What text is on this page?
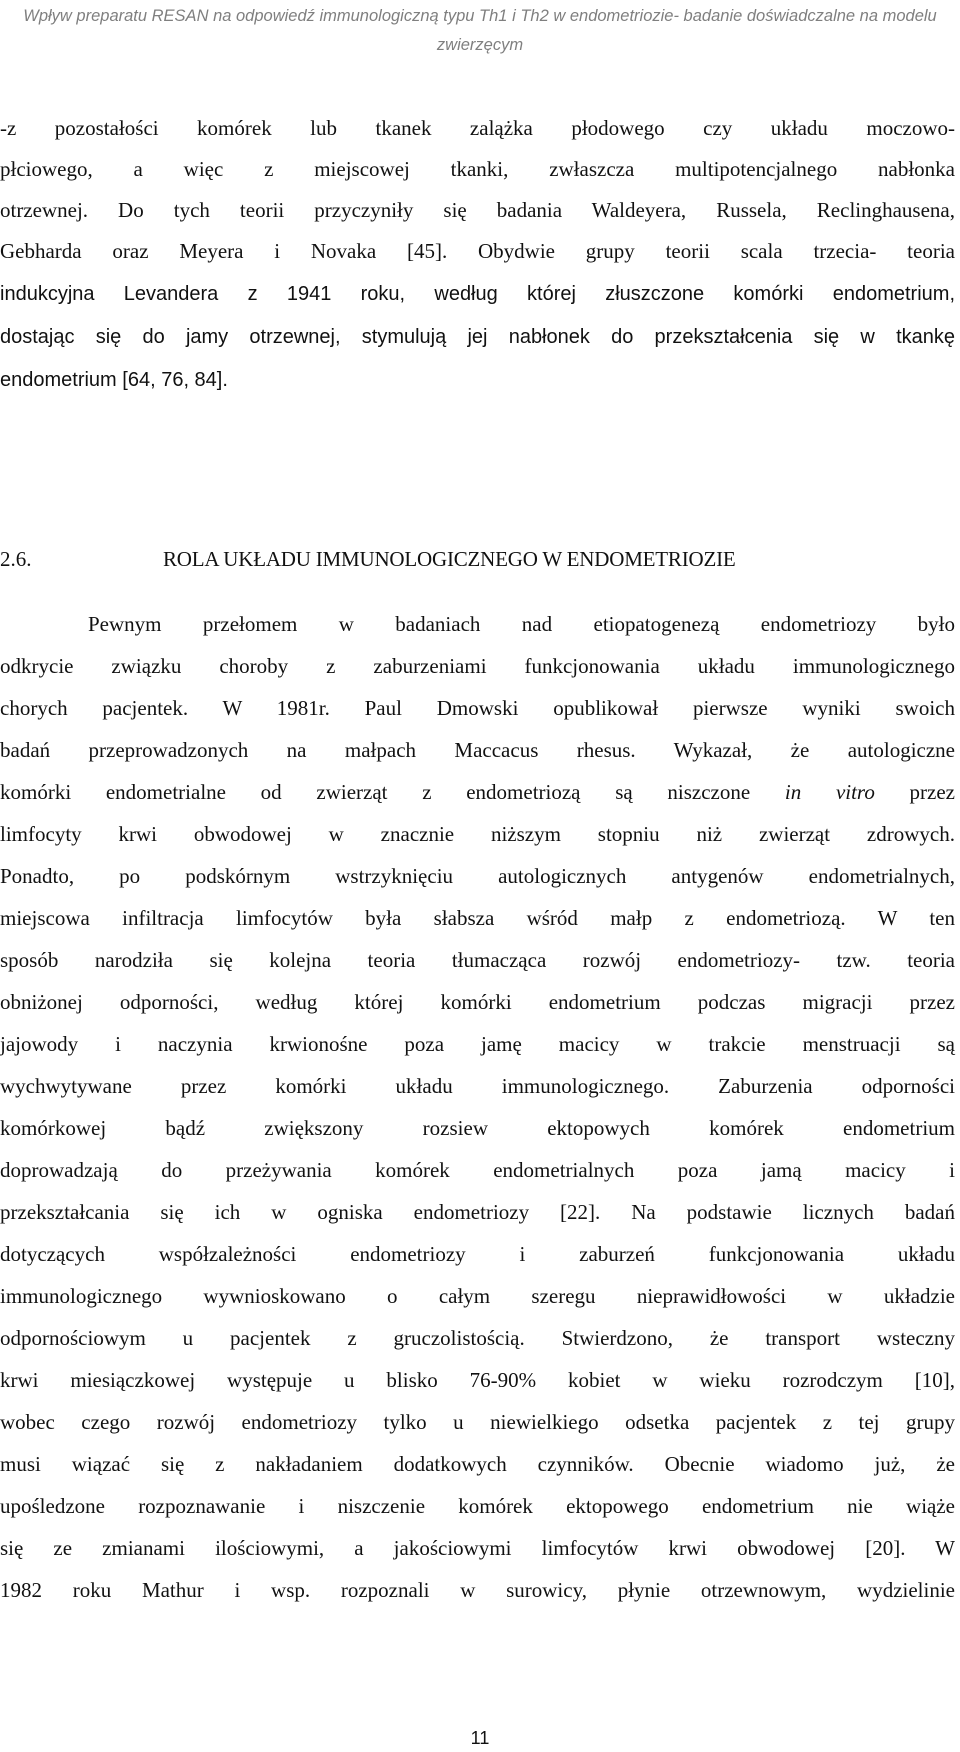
Wpływ preparatu RESAN na odpowiedź immunologiczną typu Th1 i Th2 w endometriozie- badanie doświadczalne na modelu
zwierzęcym
-z pozostałości komórek lub tkanek zalążka płodowego czy układu moczowo-
płciowego, a więc z miejscowej tkanki, zwłaszcza multipotencjalnego nabłonka
otrzewnej. Do tych teorii przyczyniły się badania Waldeyera, Russela, Reclinghausena,
Gebharda oraz Meyera i Novaka [45]. Obydwie grupy teorii scala trzecia- teoria
indukcyjna Levandera z 1941 roku, według której złuszczone komórki endometrium,
dostając się do jamy otrzewnej, stymulują jej nabłonek do przekształcenia się w tkankę
endometrium [64, 76, 84].
2.6.	ROLA UKŁADU IMMUNOLOGICZNEGO W ENDOMETRIOZIE
Pewnym przełomem w badaniach nad etiopatogenezą endometriozy było
odkrycie związku choroby z zaburzeniami funkcjonowania układu immunologicznego
chorych pacjentek. W 1981r. Paul Dmowski opublikował pierwsze wyniki swoich
badań przeprowadzonych na małpach Maccacus rhesus. Wykazał, że autologiczne
komórki endometrialne od zwierząt z endometriozą są niszczone in vitro przez
limfocyty krwi obwodowej w znacznie niższym stopniu niż zwierząt zdrowych.
Ponadto, po podskórnym wstrzyknięciu autologicznych antygenów endometrialnych,
miejscowa infiltracja limfocytów była słabsza wśród małp z endometriozą. W ten
sposób narodziła się kolejna teoria tłumacząca rozwój endometriozy- tzw. teoria
obniżonej odporności, według której komórki endometrium podczas migracji przez
jajowody i naczynia krwionośne poza jamę macicy w trakcie menstruacji są
wychwytywane przez komórki układu immunologicznego. Zaburzenia odporności
komórkowej bądź zwiększony rozsiew ektopowych komórek endometrium
doprowadzają do przeżywania komórek endometrialnych poza jamą macicy i
przekształcania się ich w ogniska endometriozy [22]. Na podstawie licznych badań
dotyczących współzależności endometriozy i zaburzeń funkcjonowania układu
immunologicznego wywnioskowano o całym szeregu nieprawidłowości w układzie
odpornościowym u pacjentek z gruczolistością. Stwierdzono, że transport wsteczny
krwi miesiączkowej występuje u blisko 76-90% kobiet w wieku rozrodczym [10],
wobec czego rozwój endometriozy tylko u niewielkiego odsetka pacjentek z tej grupy
musi wiązać się z nakładaniem dodatkowych czynników. Obecnie wiadomo już, że
upośledzone rozpoznawanie i niszczenie komórek ektopowego endometrium nie wiąże
się ze zmianami ilościowymi, a jakościowymi limfocytów krwi obwodowej [20]. W
1982 roku Mathur i wsp. rozpoznali w surowicy, płynie otrzewnowym, wydzielinie
11
